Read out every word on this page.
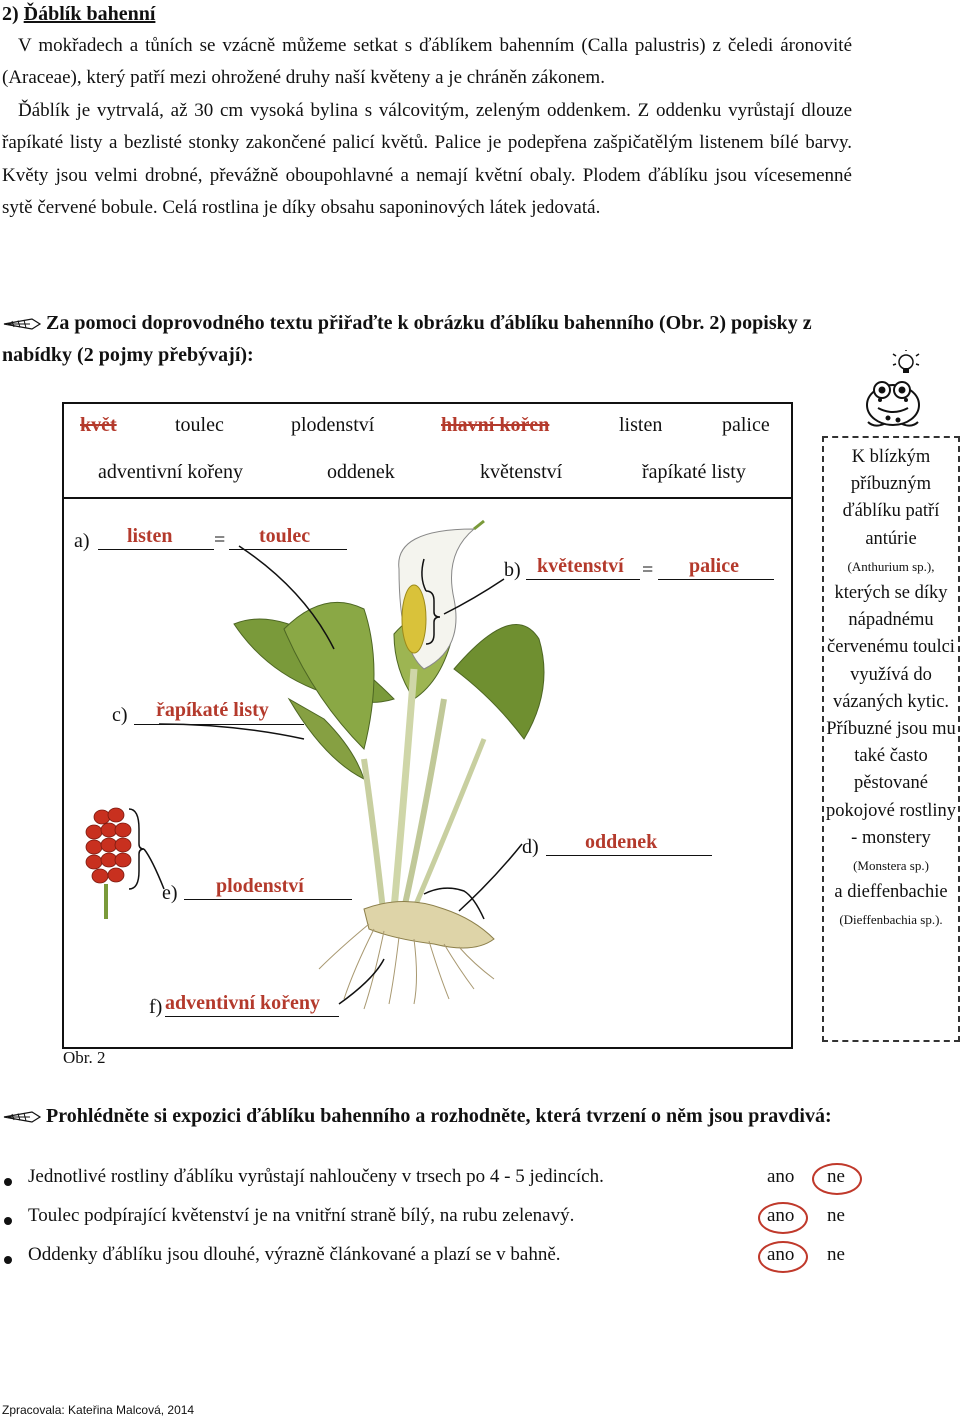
2) Ďáblík bahenní

V mokřadech a tůních se vzácně můžeme setkat s ďáblíkem bahenním (Calla palustris) z čeledi áronovité (Araceae), který patří mezi ohrožené druhy naší květeny a je chráněn zákonem.

Ďáblík je vytrvalá, až 30 cm vysoká bylina s válcovitým, zeleným oddenkem. Z oddenku vyrůstají dlouze řapíkaté listy a bezlisté stonky zakončené palicí květů. Palice je podepřena zašpičatělým listenem bílé barvy. Květy jsou velmi drobné, převážně oboupohlavné a nemají květní obaly. Plodem ďáblíku jsou vícesemenné sytě červené bobule. Celá rostlina je díky obsahu saponinových látek jedovatá.

Za pomoci doprovodného textu přiřaďte k obrázku ďáblíku bahenního (Obr. 2) popisky z nabídky (2 pojmy přebývají):
květ	toulec	plodenství	hlavní kořen	listen	palice
adventivní kořeny	oddenek	květenství	řapíkaté listy
a) listen = toulec
b) květenství = palice
c) řapíkaté listy
d) oddenek
e) plodenství
f) adventivní kořeny
K blízkým příbuzným ďáblíku patří antúrie
(Anthurium sp.),
kterých se díky nápadnému červenému toulci využívá do vázaných kytic. Příbuzné jsou mu také často pěstované pokojové rostliny - monstery
(Monstera sp.)
a dieffenbachie
(Dieffenbachia sp.).
Obr. 2
Prohlédněte si expozici ďáblíku bahenního a rozhodněte, která tvrzení o něm jsou pravdivá:
Jednotlivé rostliny ďáblíku vyrůstají nahloučeny v trsech po 4 - 5 jedincích.	ano ne
Toulec podpírající květenství je na vnitřní straně bílý, na rubu zelenavý.	ano ne
Oddenky ďáblíku jsou dlouhé, výrazně článkované a plazí se v bahně.	ano ne
Zpracovala: Kateřina Malcová, 2014
